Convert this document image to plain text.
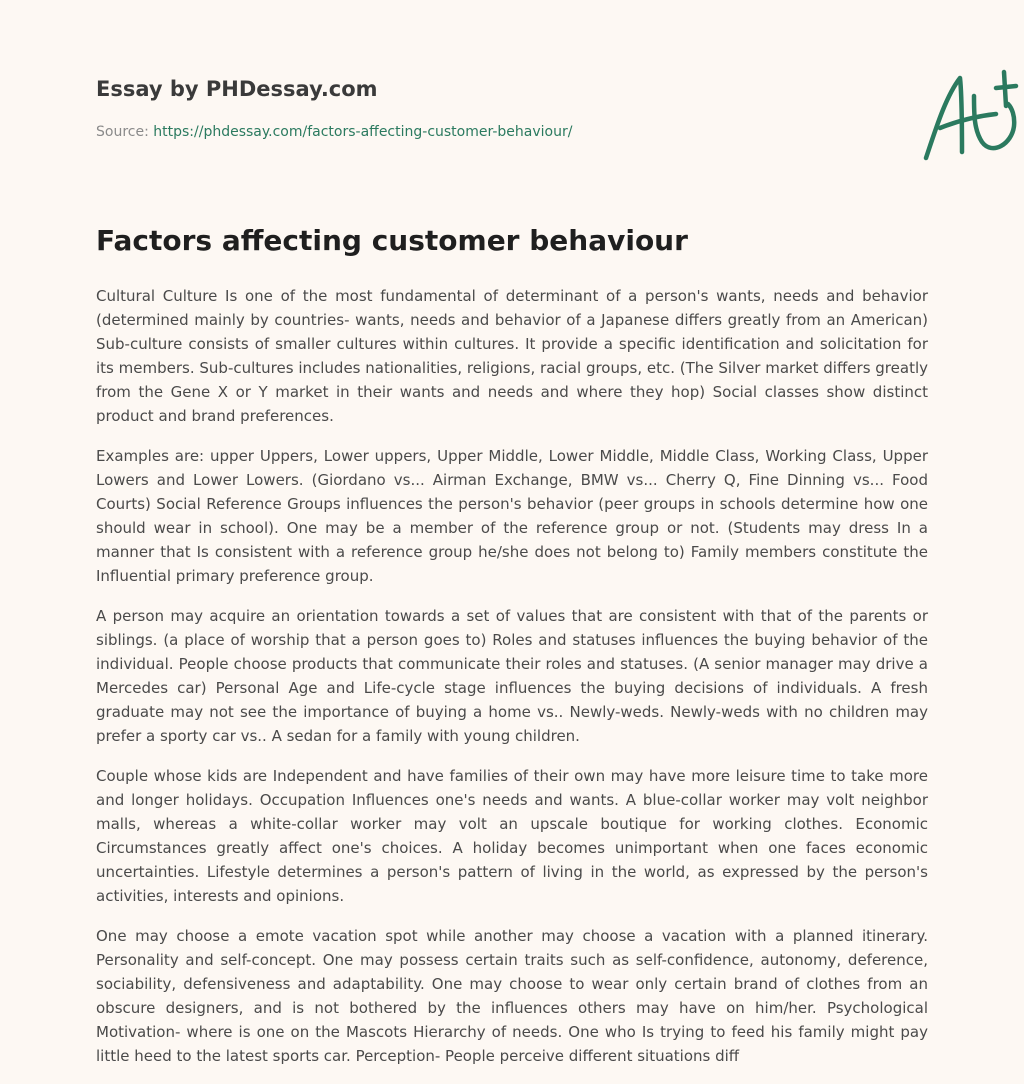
Essay by PHDessay.com

Source: https://phdessay.com/factors-affecting-customer-behaviour/

Factors affecting customer behaviour

Cultural Culture Is one of the most fundamental of determinant of a person's wants, needs and behavior (determined mainly by countries- wants, needs and behavior of a Japanese differs greatly from an American) Sub-culture consists of smaller cultures within cultures. It provide a specific identification and solicitation for its members. Sub-cultures includes nationalities, religions, racial groups, etc. (The Silver market differs greatly from the Gene X or Y market in their wants and needs and where they hop) Social classes show distinct product and brand preferences.

Examples are: upper Uppers, Lower uppers, Upper Middle, Lower Middle, Middle Class, Working Class, Upper Lowers and Lower Lowers. (Giordano vs... Airman Exchange, BMW vs... Cherry Q, Fine Dinning vs... Food Courts) Social Reference Groups influences the person's behavior (peer groups in schools determine how one should wear in school). One may be a member of the reference group or not. (Students may dress In a manner that Is consistent with a reference group he/she does not belong to) Family members constitute the Influential primary preference group.

A person may acquire an orientation towards a set of values that are consistent with that of the parents or siblings. (a place of worship that a person goes to) Roles and statuses influences the buying behavior of the individual. People choose products that communicate their roles and statuses. (A senior manager may drive a Mercedes car) Personal Age and Life-cycle stage influences the buying decisions of individuals. A fresh graduate may not see the importance of buying a home vs.. Newly-weds. Newly-weds with no children may prefer a sporty car vs.. A sedan for a family with young children.

Couple whose kids are Independent and have families of their own may have more leisure time to take more and longer holidays. Occupation Influences one's needs and wants. A blue-collar worker may volt neighbor malls, whereas a white-collar worker may volt an upscale boutique for working clothes. Economic Circumstances greatly affect one's choices. A holiday becomes unimportant when one faces economic uncertainties. Lifestyle determines a person's pattern of living in the world, as expressed by the person's activities, interests and opinions.

One may choose a emote vacation spot while another may choose a vacation with a planned itinerary. Personality and self-concept. One may possess certain traits such as self-confidence, autonomy, deference, sociability, defensiveness and adaptability. One may choose to wear only certain brand of clothes from an obscure designers, and is not bothered by the influences others may have on him/her. Psychological Motivation- where is one on the Mascots Hierarchy of needs. One who Is trying to feed his family might pay little heed to the latest sports car. Perception- People perceive different situations diff
